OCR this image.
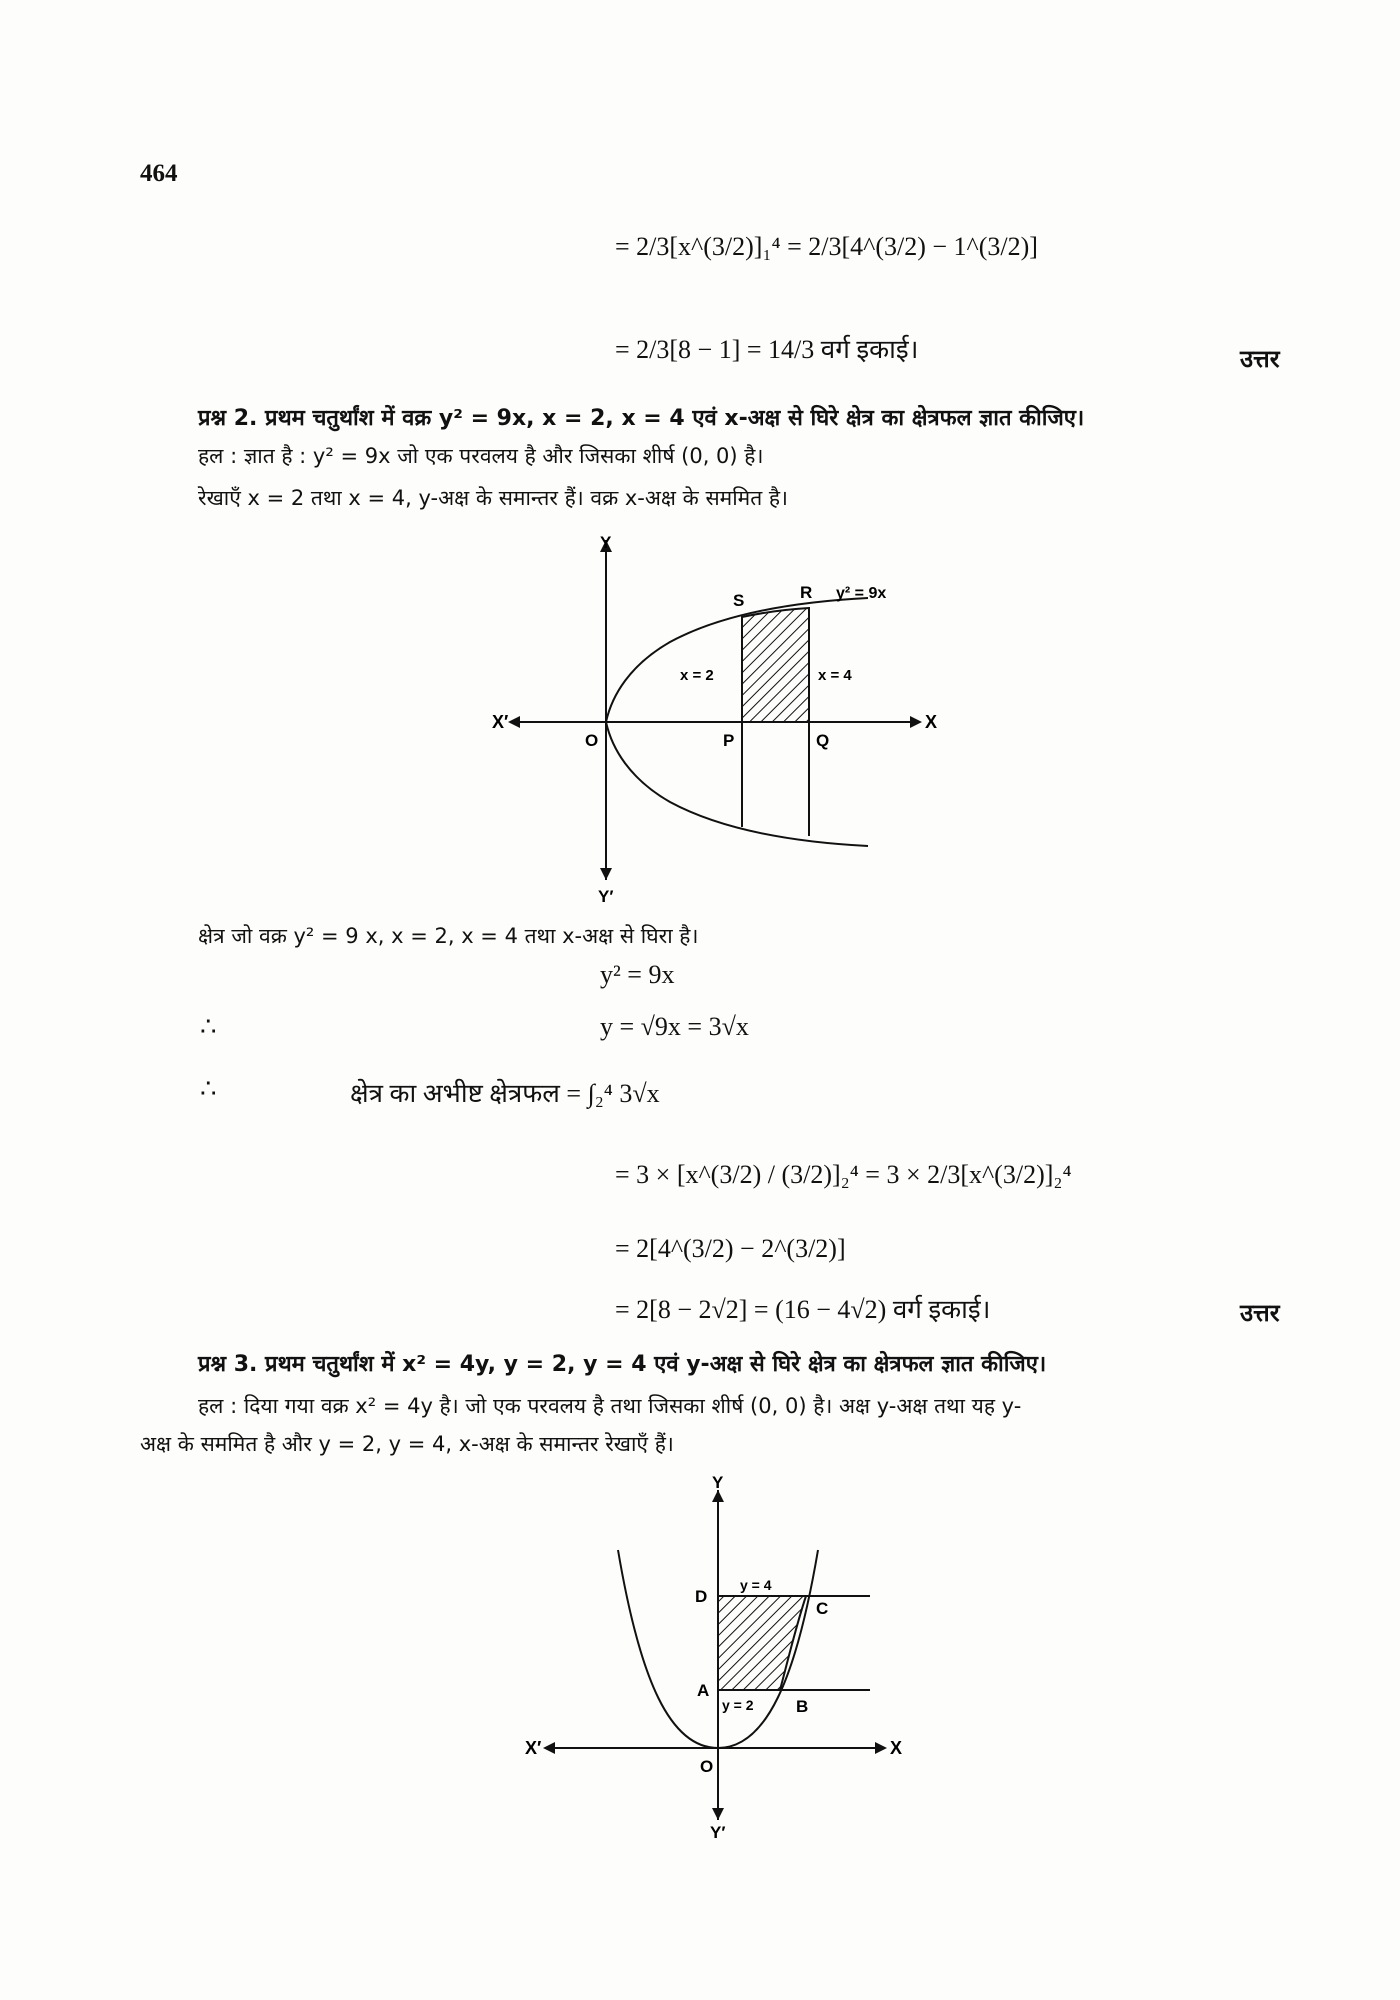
464
= 2/3[x^(3/2)]₁⁴ = 2/3[4^(3/2) − 1^(3/2)]
= 2/3[8 − 1] = 14/3 वर्ग इकाई।	उत्तर
प्रश्न 2. प्रथम चतुर्थांश में वक्र y² = 9x, x = 2, x = 4 एवं x-अक्ष से घिरे क्षेत्र का क्षेत्रफल ज्ञात कीजिए।
हल : ज्ञात है : y² = 9x जो एक परवलय है और जिसका शीर्ष (0, 0) है।
रेखाएँ x = 2 तथा x = 4, y-अक्ष के समान्तर हैं। वक्र x-अक्ष के सममित है।
Y
Y′
X
X′
O	P	Q
S	R y² = 9x
x = 2	x = 4
क्षेत्र जो वक्र y² = 9 x, x = 2, x = 4 तथा x-अक्ष से घिरा है।
y² = 9x
∴	y = √9x = 3√x
∴	क्षेत्र का अभीष्ट क्षेत्रफल = ∫₂⁴ 3√x
= 3 × [x^(3/2) / (3/2)]₂⁴ = 3 × 2/3[x^(3/2)]₂⁴
= 2[4^(3/2) − 2^(3/2)]
= 2[8 − 2√2] = (16 − 4√2) वर्ग इकाई।	उत्तर
प्रश्न 3. प्रथम चतुर्थांश में x² = 4y, y = 2, y = 4 एवं y-अक्ष से घिरे क्षेत्र का क्षेत्रफल ज्ञात कीजिए।
हल : दिया गया वक्र x² = 4y है। जो एक परवलय है तथा जिसका शीर्ष (0, 0) है। अक्ष y-अक्ष तथा यह y-
अक्ष के सममित है और y = 2, y = 4, x-अक्ष के समान्तर रेखाएँ हैं।
Y
Y′
X
X′
O
D
C
A
B
y = 4
y = 2
